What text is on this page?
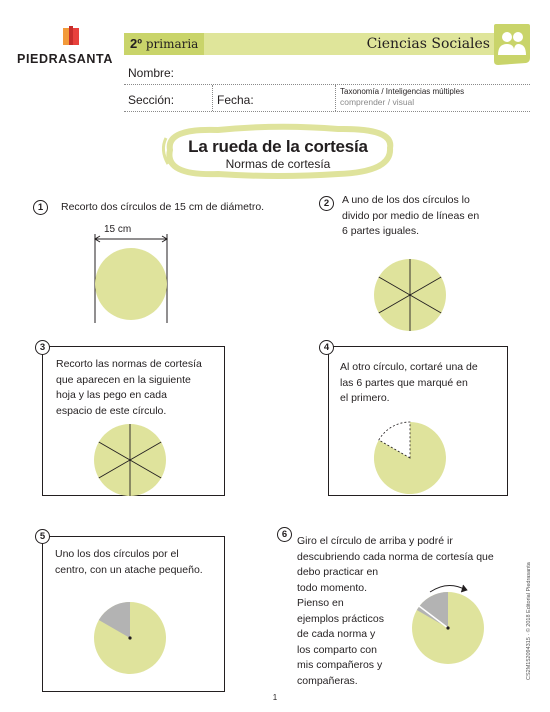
PIEDRASANTA
2º primaria	Ciencias Sociales
Nombre:
Sección:	Fecha:
Taxonomía / Inteligencias múltiples
comprender / visual
La rueda de la cortesía
Normas de cortesía
1	Recorto dos círculos de 15 cm de diámetro.
15 cm
2	A uno de los dos círculos lo
divido por medio de líneas en
6 partes iguales.
3
Recorto las normas de cortesía
que aparecen en la siguiente
hoja y las pego en cada
espacio de este círculo.
4
Al otro círculo, cortaré una de
las 6 partes que marqué en
el primero.
5
Uno los dos círculos por el
centro, con un atache pequeño.
6
Giro el círculo de arriba y podré ir
descubriendo cada norma de cortesía que
debo practicar en
todo momento.
Pienso en
ejemplos prácticos
de cada norma y
los comparto con
mis compañeros y
compañeras.
CS2M152094315 · © 2018 Editorial Piedrasanta
1
